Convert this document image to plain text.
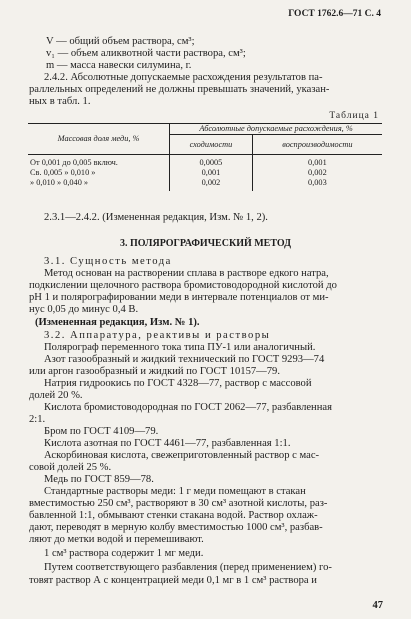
ГОСТ 1762.6—71 С. 4
V — общий объем раствора, см³;
v₁ — объем аликвотной части раствора, см³;
m — масса навески силумина, г.
2.4.2. Абсолютные допускаемые расхождения результатов па-
раллельных определений не должны превышать значений, указан-
ных в табл. 1.
Таблица 1
Массовая доля меди, %	Абсолютные допускаемые расхождения, %	
	сходимости	воспроизводимости
От 0,001 до 0,005 включ.	0,0005	0,001
Св. 0,005 » 0,010 »	0,001	0,002
» 0,010 » 0,040 »	0,002	0,003
2.3.1—2.4.2. (Измененная редакция, Изм. № 1, 2).
3. ПОЛЯРОГРАФИЧЕСКИЙ МЕТОД
3.1. Сущность метода
Метод основан на растворении сплава в растворе едкого натра,
подкислении щелочного раствора бромистоводородной кислотой до
pH 1 и полярографировании меди в интервале потенциалов от ми-
нус 0,05 до минус 0,4 В.
(Измененная редакция, Изм. № 1).
3.2. Аппаратура, реактивы и растворы
Полярограф переменного тока типа ПУ-1 или аналогичный.
Азот газообразный и жидкий технический по ГОСТ 9293—74
или аргон газообразный и жидкий по ГОСТ 10157—79.
Натрия гидроокись по ГОСТ 4328—77, раствор с массовой
долей 20 %.
Кислота бромистоводородная по ГОСТ 2062—77, разбавленная
2:1.
Бром по ГОСТ 4109—79.
Кислота азотная по ГОСТ 4461—77, разбавленная 1:1.
Аскорбиновая кислота, свежеприготовленный раствор с мас-
совой долей 25 %.
Медь по ГОСТ 859—78.
Стандартные растворы меди: 1 г меди помещают в стакан
вместимостью 250 см³, растворяют в 30 см³ азотной кислоты, раз-
бавленной 1:1, обмывают стенки стакана водой. Раствор охлаж-
дают, переводят в мерную колбу вместимостью 1000 см³, разбав-
ляют до метки водой и перемешивают.
1 см³ раствора содержит 1 мг меди.
Путем соответствующего разбавления (перед применением) го-
товят раствор А с концентрацией меди 0,1 мг в 1 см³ раствора и
47
